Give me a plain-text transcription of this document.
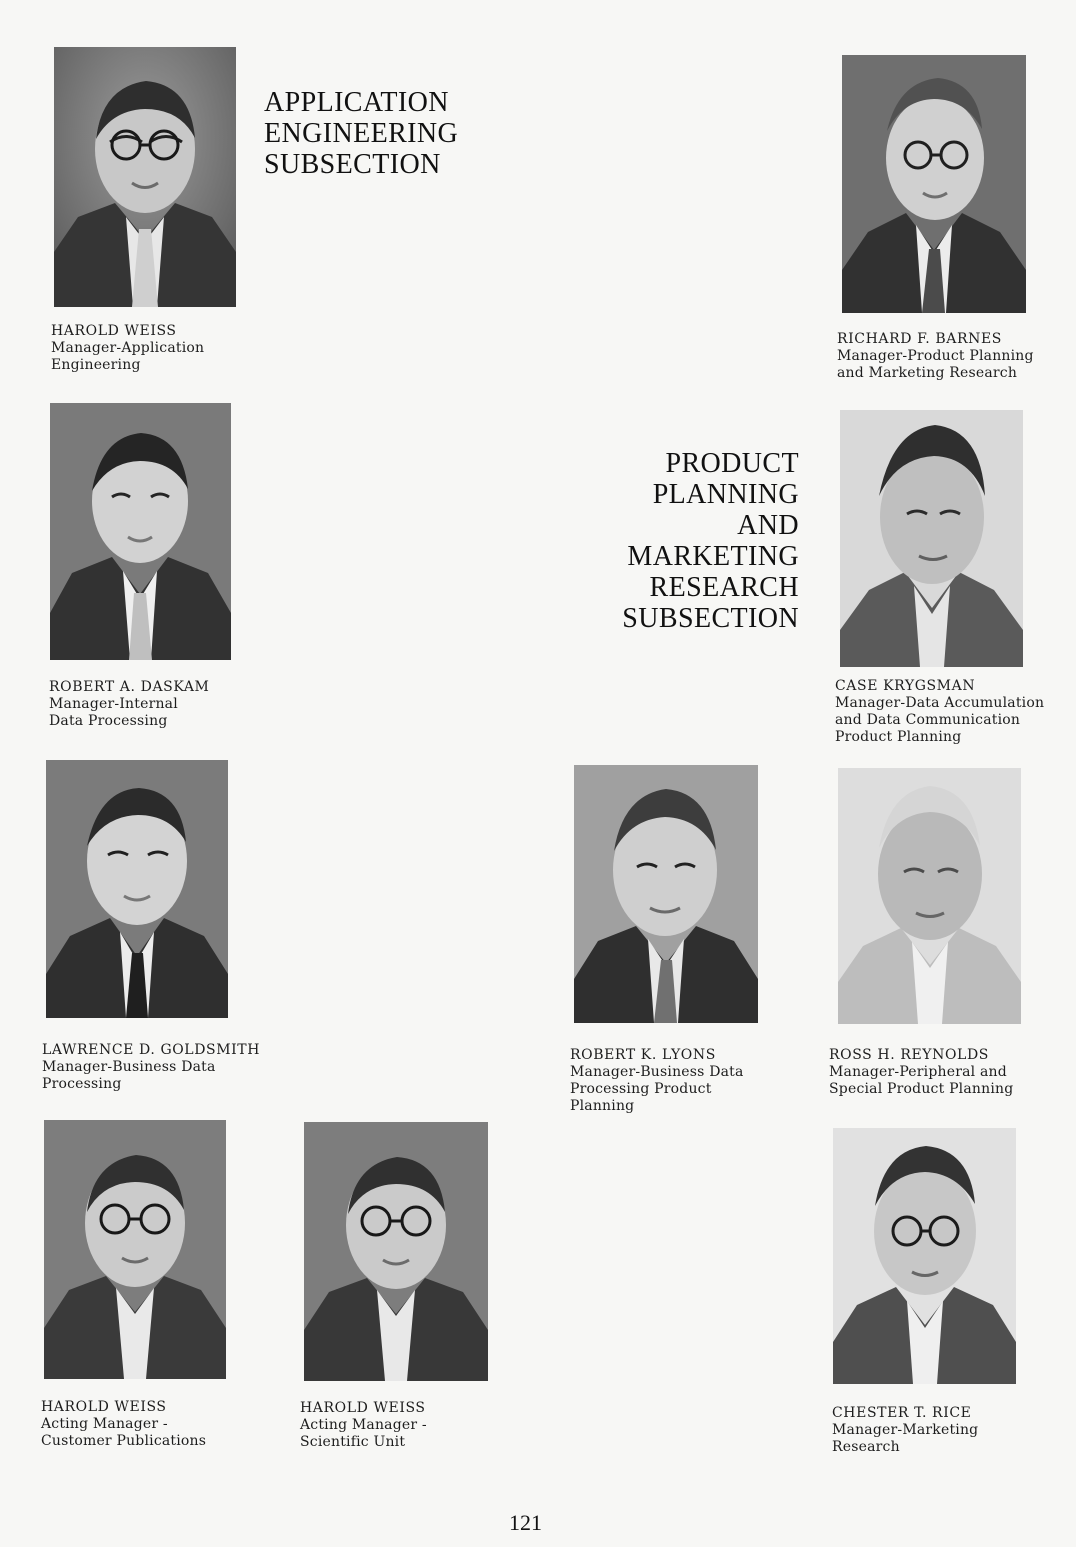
APPLICATION
ENGINEERING
SUBSECTION
PRODUCT
PLANNING
AND
MARKETING
RESEARCH
SUBSECTION
HAROLD WEISS
Manager-Application
Engineering
ROBERT A. DASKAM
Manager-Internal
Data Processing
LAWRENCE D. GOLDSMITH
Manager-Business Data
Processing
HAROLD WEISS
Acting Manager -
Customer Publications
HAROLD WEISS
Acting Manager -
Scientific Unit
RICHARD F. BARNES
Manager-Product Planning
and Marketing Research
CASE KRYGSMAN
Manager-Data Accumulation
and Data Communication
Product Planning
ROBERT K. LYONS
Manager-Business Data
Processing Product
Planning
ROSS H. REYNOLDS
Manager-Peripheral and
Special Product Planning
CHESTER T. RICE
Manager-Marketing
Research
121
